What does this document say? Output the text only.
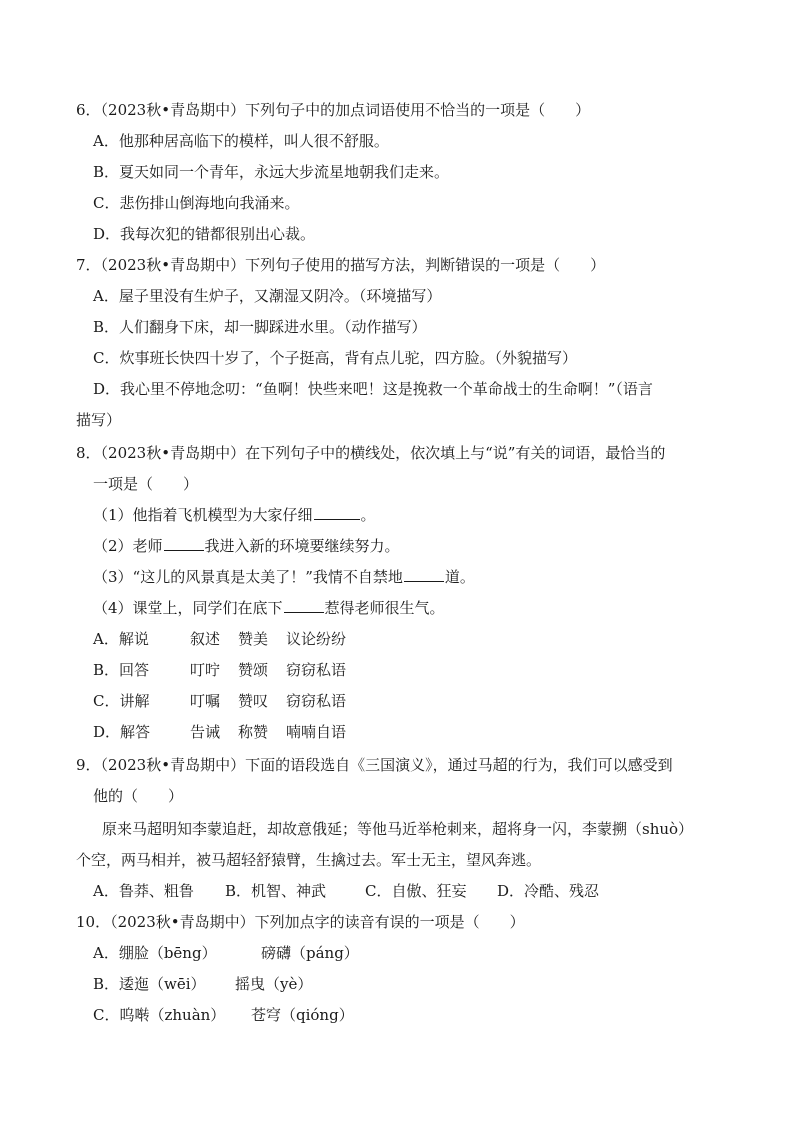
6．（2023秋•青岛期中）下列句子中的加点词语使用不恰当的一项是（　　）
A．他那种居高临下的模样，叫人很不舒服。
B．夏天如同一个青年，永远大步流星地朝我们走来。
C．悲伤排山倒海地向我涌来。
D．我每次犯的错都很别出心裁。
7．（2023秋•青岛期中）下列句子使用的描写方法，判断错误的一项是（　　）
A．屋子里没有生炉子，又潮湿又阴冷。（环境描写）
B．人们翻身下床，却一脚踩进水里。（动作描写）
C．炊事班长快四十岁了，个子挺高，背有点儿驼，四方脸。（外貌描写）
D．我心里不停地念叨：“鱼啊！快些来吧！这是挽救一个革命战士的生命啊！”（语言
描写）
8．（2023秋•青岛期中）在下列句子中的横线处，依次填上与“说”有关的词语，最恰当的
一项是（　　）
（1）他指着飞机模型为大家仔细	。
（2）老师	我进入新的环境要继续努力。
（3）“这儿的风景真是太美了！”我情不自禁地	道。
（4）课堂上，同学们在底下	惹得老师很生气。
A．解说	叙述 赞美 议论纷纷
B．回答	叮咛 赞颂 窃窃私语
C．讲解	叮嘱 赞叹 窃窃私语
D．解答	告诫 称赞 喃喃自语
9．（2023秋•青岛期中）下面的语段选自《三国演义》，通过马超的行为，我们可以感受到
他的（　　）
原来马超明知李蒙追赶，却故意俄延；等他马近举枪刺来，超将身一闪，李蒙搠（shuò）
个空，两马相并，被马超轻舒猿臂，生擒过去。军士无主，望风奔逃。
A．鲁莽、粗鲁 B．机智、神武	C．自傲、狂妄 D．冷酷、残忍
10．（2023秋•青岛期中）下列加点字的读音有误的一项是（　　）
A．绷脸（bēng）	磅礴（páng）
B．逶迤（wēi） 摇曳（yè）
C．呜啭（zhuàn） 苍穹（qióng）
